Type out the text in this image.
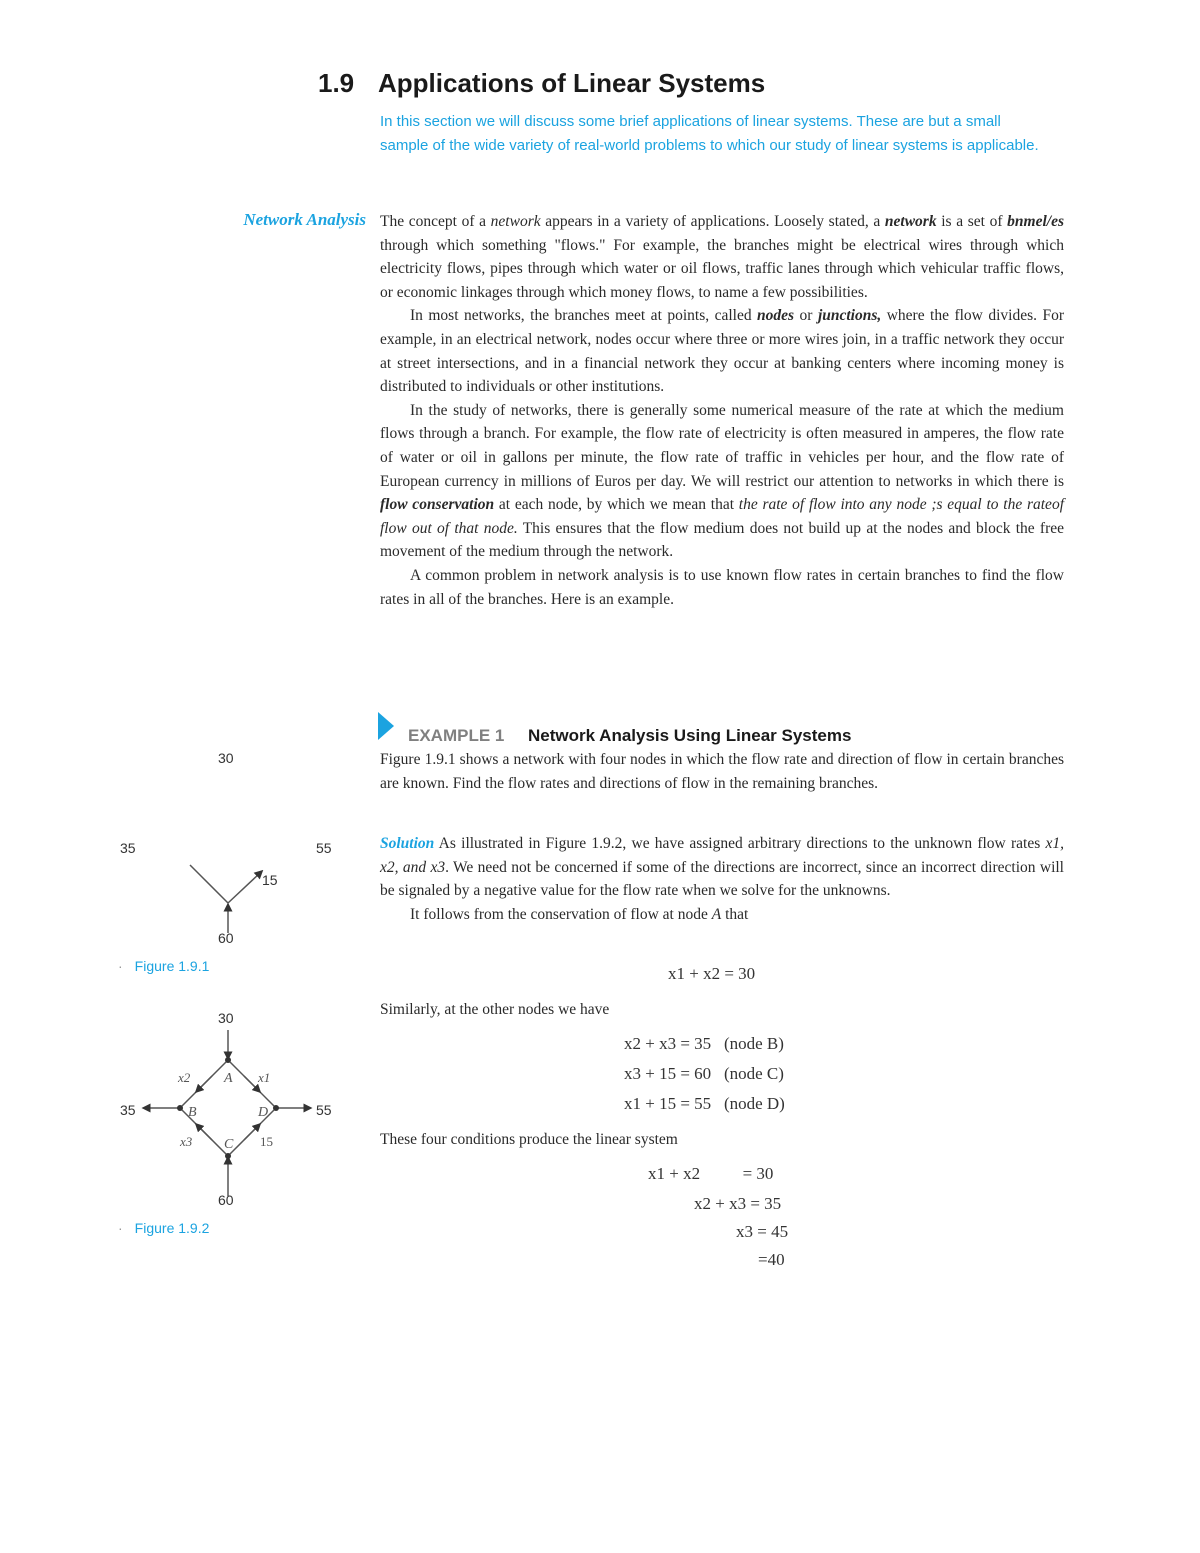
1.9 Applications of Linear Systems
In this section we will discuss some brief applications of linear systems. These are but a small sample of the wide variety of real-world problems to which our study of linear systems is applicable.
Network Analysis The concept of a network appears in a variety of applications. Loosely stated, a network is a set of bnmel/es through which something "flows." For example, the branches might be electrical wires through which electricity flows, pipes through which water or oil flows, traffic lanes through which vehicular traffic flows, or economic linkages through which money flows, to name a few possibilities.

In most networks, the branches meet at points, called nodes or junctions, where the flow divides. For example, in an electrical network, nodes occur where three or more wires join, in a traffic network they occur at street intersections, and in a financial network they occur at banking centers where incoming money is distributed to individuals or other institutions.

In the study of networks, there is generally some numerical measure of the rate at which the medium flows through a branch. For example, the flow rate of electricity is often measured in amperes, the flow rate of water or oil in gallons per minute, the flow rate of traffic in vehicles per hour, and the flow rate of European currency in millions of Euros per day. We will restrict our attention to networks in which there is flow conservation at each node, by which we mean that the rate of flow into any node ;s equal to the rateof flow out of that node. This ensures that the flow medium does not build up at the nodes and block the free movement of the medium through the network.

A common problem in network analysis is to use known flow rates in certain branches to find the flow rates in all of the branches. Here is an example.

EXAMPLE 1 Network Analysis Using Linear Systems
Figure 1.9.1 shows a network with four nodes in which the flow rate and direction of flow in certain branches are known. Find the flow rates and directions of flow in the remaining branches.

Solution As illustrated in Figure 1.9.2, we have assigned arbitrary directions to the unknown flow rates x1, x2, and x3. We need not be concerned if some of the directions are incorrect, since an incorrect direction will be signaled by a negative value for the flow rate when we solve for the unknowns.

It follows from the conservation of flow at node A that

x1 + x2 = 30
Similarly, at the other nodes we have
x2 + x3 = 35 (node B)
x3 + 15 = 60 (node C)
x1 + 15 = 55 (node D)
These four conditions produce the linear system
x1 + x2          = 30
x2 + x3 = 35
x3 = 45
=40
30
35	55
15
60
· Figure 1.9.1
30
A
B	D
C
x2	x1
x3	15
35	55
60
· Figure 1.9.2
